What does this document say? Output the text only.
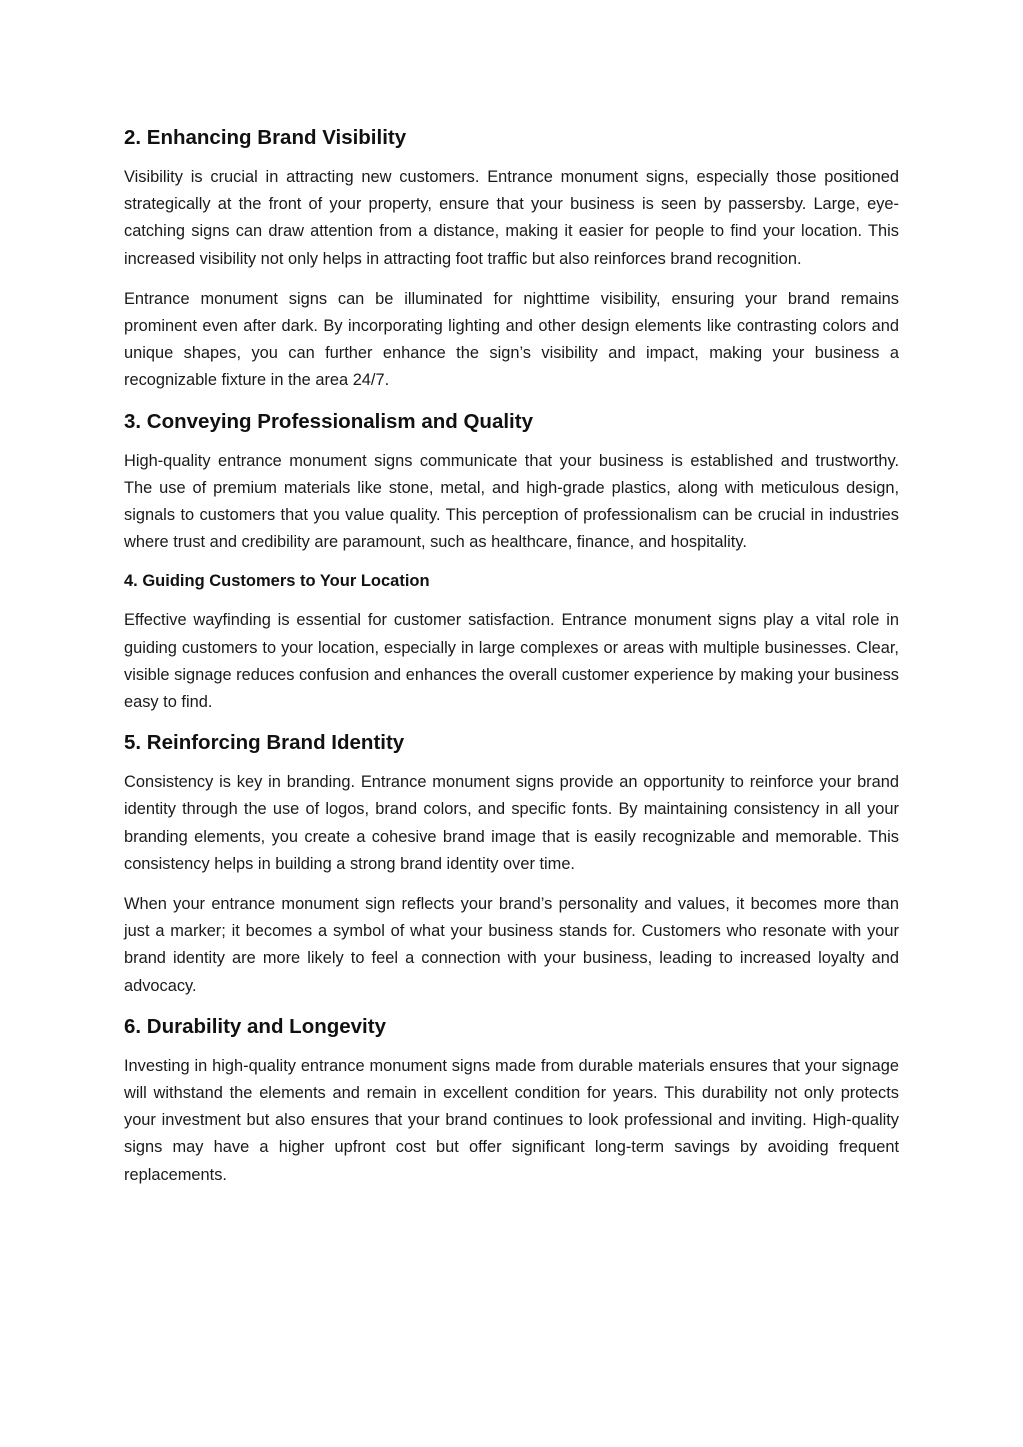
2. Enhancing Brand Visibility

Visibility is crucial in attracting new customers. Entrance monument signs, especially those positioned strategically at the front of your property, ensure that your business is seen by passersby. Large, eye-catching signs can draw attention from a distance, making it easier for people to find your location. This increased visibility not only helps in attracting foot traffic but also reinforces brand recognition.

Entrance monument signs can be illuminated for nighttime visibility, ensuring your brand remains prominent even after dark. By incorporating lighting and other design elements like contrasting colors and unique shapes, you can further enhance the sign’s visibility and impact, making your business a recognizable fixture in the area 24/7.

3. Conveying Professionalism and Quality

High-quality entrance monument signs communicate that your business is established and trustworthy. The use of premium materials like stone, metal, and high-grade plastics, along with meticulous design, signals to customers that you value quality. This perception of professionalism can be crucial in industries where trust and credibility are paramount, such as healthcare, finance, and hospitality.

4. Guiding Customers to Your Location

Effective wayfinding is essential for customer satisfaction. Entrance monument signs play a vital role in guiding customers to your location, especially in large complexes or areas with multiple businesses. Clear, visible signage reduces confusion and enhances the overall customer experience by making your business easy to find.

5. Reinforcing Brand Identity

Consistency is key in branding. Entrance monument signs provide an opportunity to reinforce your brand identity through the use of logos, brand colors, and specific fonts. By maintaining consistency in all your branding elements, you create a cohesive brand image that is easily recognizable and memorable. This consistency helps in building a strong brand identity over time.

When your entrance monument sign reflects your brand’s personality and values, it becomes more than just a marker; it becomes a symbol of what your business stands for. Customers who resonate with your brand identity are more likely to feel a connection with your business, leading to increased loyalty and advocacy.

6. Durability and Longevity

Investing in high-quality entrance monument signs made from durable materials ensures that your signage will withstand the elements and remain in excellent condition for years. This durability not only protects your investment but also ensures that your brand continues to look professional and inviting. High-quality signs may have a higher upfront cost but offer significant long-term savings by avoiding frequent replacements.
